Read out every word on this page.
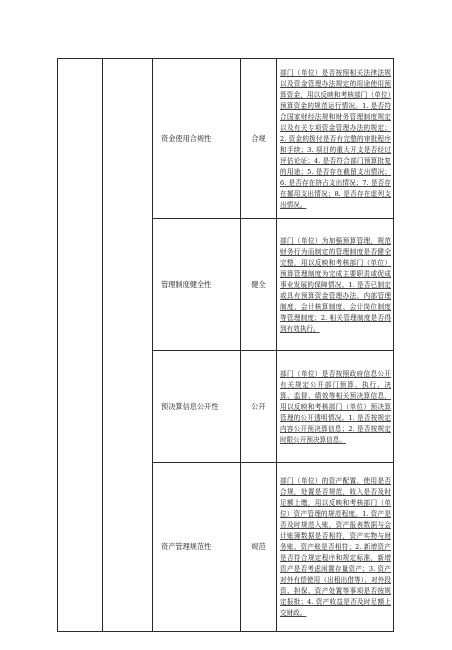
		资金使用合规性	合规	部门（单位）是否按照相关法律法规以及资金管理办法规定的用途使用预算资金，用以反映和考核部门（单位）预算资金的规范运行情况。1. 是否符合国家财经法规和财务管理制度规定以及有关专项资金管理办法的规定；2. 资金的拨付是否有完整的审批程序和手续；3. 项目的重大开支是否经过评估论证；4. 是否符合部门预算批复的用途；5. 是否存在截留支出情况；6. 是否存在挤占支出情况；7. 是否存在挪用支出情况；8. 是否存在虚列支出情况。

		管理制度健全性	健全	部门（单位）为加强预算管理，规范财务行为而制定的管理制度是否健全完整，用以反映和考核部门（单位）预算管理制度为完成主要职责或促成事业发展的保障情况。1. 是否已制定或具有预算资金管理办法、内部管理制度、会计核算制度、会计岗位制度等管理制度；2. 相关管理制度是否得到有效执行。

		预决算信息公开性	公开	部门（单位）是否按照政府信息公开有关规定公开部门预算、执行、决算、监督、绩效等相关预决算信息，用以反映和考核部门（单位）预决算管理的公开透明情况。1. 是否按规定内容公开预决算信息；2. 是否按规定时限公开预决算信息。

		资产管理规范性	规范	部门（单位）的资产配置、使用是否合规，处置是否规范，收入是否及时足额上缴，用以反映和考核部门（单位）资产管理的规范程度。1. 资产是否及时规范入账，资产报表数据与会计账簿数据是否相符，资产实物与财务账、资产账是否相符；2. 新增资产是否符合规定程序和规定标准，新增资产是否考虑闲置存量资产；3. 资产对外有偿使用（出租出借等）、对外投资、担保、资产处置等事项是否按规定报批；4. 资产收益是否及时足额上交财政。
